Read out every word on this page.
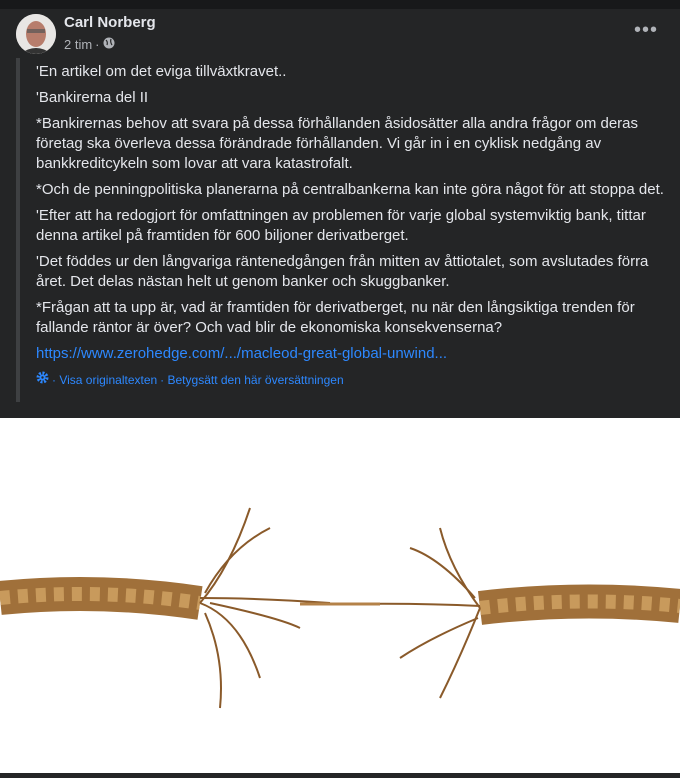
Carl Norberg
2 tim ·
•••

'En artikel om det eviga tillväxtkravet..

'Bankirerna del II

*Bankirernas behov att svara på dessa förhållanden åsidosätter alla andra frågor om deras företag ska överleva dessa förändrade förhållanden. Vi går in i en cyklisk nedgång av bankkreditcykeln som lovar att vara katastrofalt.

*Och de penningpolitiska planerarna på centralbankerna kan inte göra något för att stoppa det.

'Efter att ha redogjort för omfattningen av problemen för varje global systemviktig bank, tittar denna artikel på framtiden för 600 biljoner derivatberget.

'Det föddes ur den långvariga räntenedgången från mitten av åttiotalet, som avslutades förra året. Det delas nästan helt ut genom banker och skuggbanker.

*Frågan att ta upp är, vad är framtiden för derivatberget, nu när den långsiktiga trenden för fallande räntor är över? Och vad blir de ekonomiska konsekvenserna?

https://www.zerohedge.com/.../macleod-great-global-unwind...
· Visa originaltexten · Betygsätt den här översättningen
